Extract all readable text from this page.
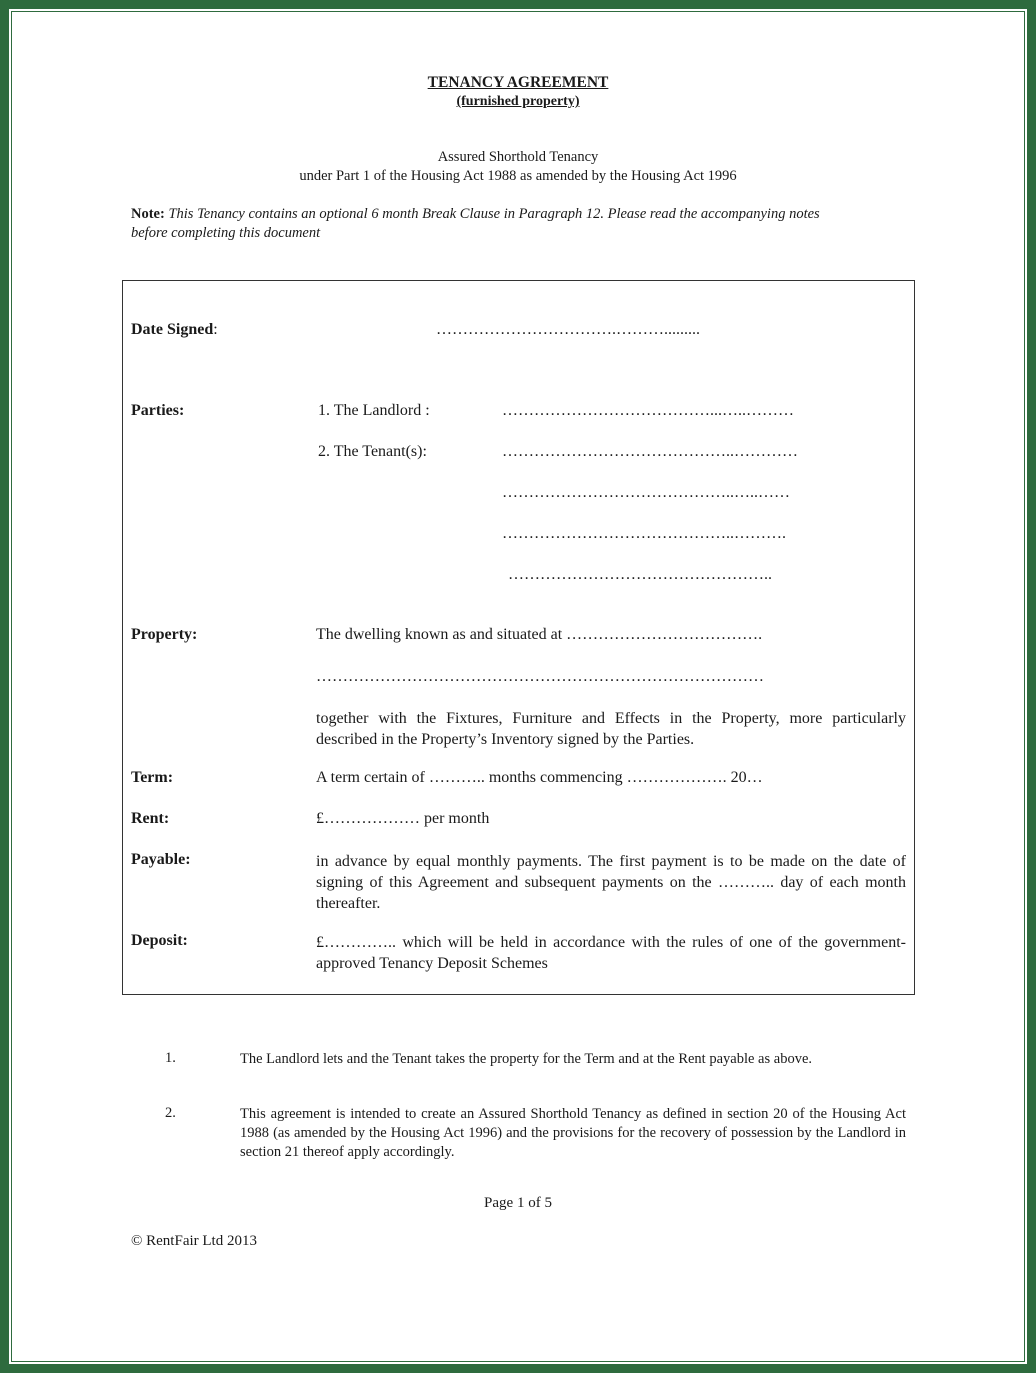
TENANCY AGREEMENT
(furnished property)
Assured Shorthold Tenancy
under Part 1 of the Housing Act 1988 as amended by the Housing Act 1996
Note: This Tenancy contains an optional 6 month Break Clause in Paragraph 12. Please read the accompanying notes before completing this document
Date Signed:	…………………………….……….........
Parties:	1. The Landlord :	…………………………………...…..………
2. The Tenant(s):	……………………………………..…………
……………………………………..…..……
……………………………………..……….
…………………………………………..
Property:	The dwelling known as and situated at ……………………………….
…………………………………………………………………………
together with the Fixtures, Furniture and Effects in the Property, more particularly described in the Property’s Inventory signed by the Parties.
Term:	A term certain of ……….. months commencing ………………. 20…
Rent:	£……………… per month
Payable:	in advance by equal monthly payments. The first payment is to be made on the date of signing of this Agreement and subsequent payments on the ……….. day of each month thereafter.
Deposit:	£………….. which will be held in accordance with the rules of one of the government-approved Tenancy Deposit Schemes
1.	The Landlord lets and the Tenant takes the property for the Term and at the Rent payable as above.
2.	This agreement is intended to create an Assured Shorthold Tenancy as defined in section 20 of the Housing Act 1988 (as amended by the Housing Act 1996) and the provisions for the recovery of possession by the Landlord in section 21 thereof apply accordingly.
Page 1 of 5
© RentFair Ltd 2013
